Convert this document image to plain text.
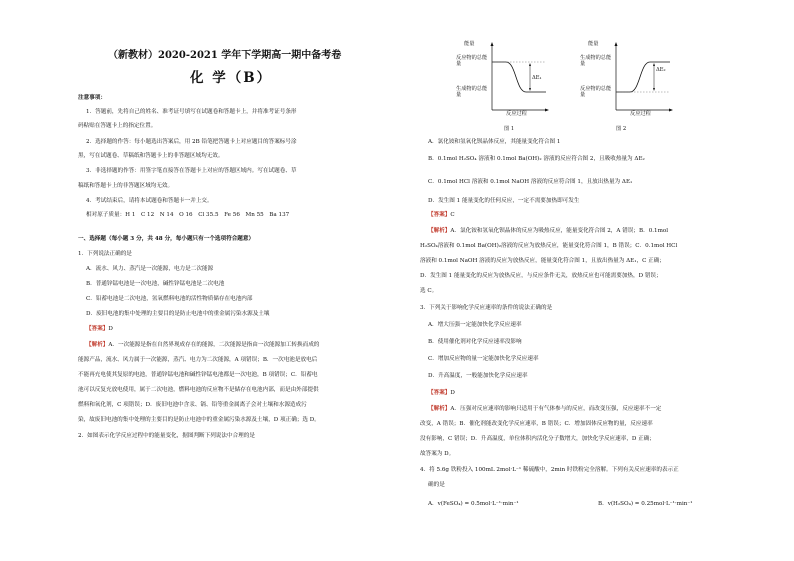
（新教材）2020-2021 学年下学期高一期中备考卷
化 学（B）
注意事项：
1．答题前，先将自己的姓名、准考证号填写在试题卷和答题卡上，并将准考证号条形
码粘贴在答题卡上的指定位置。
2．选择题的作答：每小题选出答案后，用 2B 铅笔把答题卡上对应题目的答案标号涂
黑，写在试题卷、草稿纸和答题卡上的非答题区域均无效。
3．非选择题的作答：用签字笔直接答在答题卡上对应的答题区域内。写在试题卷、草
稿纸和答题卡上的非答题区域均无效。
4．考试结束后，请将本试题卷和答题卡一并上交。
相对原子质量：H 1　C 12　N 14　O 16　Cl 35.5　Fe 56　Mn 55　Ba 137
一、选择题（每小题 3 分，共 48 分，每小题只有一个选项符合题意）
1．下列说法正确的是
A．流水、风力、蒸汽是一次能源，电力是二次能源
B．普通锌锰电池是一次电池，碱性锌锰电池是二次电池
C．铅蓄电池是二次电池，氢氧燃料电池的活性物质储存在电池内部
D．废旧电池的集中处理的主要目的是防止电池中的重金属污染水源及土壤
【答案】D
【解析】A．一次能源是指在自然界现成存在的能源，二次能源是指由一次能源加工转换而成的
能源产品，流水、风力属于一次能源，蒸汽、电力为二次能源，A 项错误；B．一次电池是放电后
不能再充电使其复原的电池，普通锌锰电池和碱性锌锰电池都是一次电池，B 项错误；C．铅蓄电
池可以反复充放电使用，属于二次电池，燃料电池的反应物不是储存在电池内部，而是由外部提供
燃料和氧化剂，C 项错误；D．废旧电池中含汞、镉、铅等重金属离子会对土壤和水源造成污
染，故废旧电池的集中处理的主要目的是防止电池中的重金属污染水源及土壤，D 项正确；选 D。
2．如图表示化学反应过程中的能量变化，据图判断下列说法中合理的是
能量
反应物的总能量
生成物的总能量
ΔE₁
反应过程
图 1
能量
生成物的总能量
反应物的总能量
ΔE₂
反应过程
图 2
A．氯化铵和氢氧化钡晶体反应，其能量变化符合图 1
B．0.1mol H₂SO₄ 溶液和 0.1mol Ba(OH)₂ 溶液的反应符合图 2，且吸收热量为 ΔE₂
C．0.1mol HCl 溶液和 0.1mol NaOH 溶液的反应符合图 1，且放出热量为 ΔE₁
D．发生图 1 能量变化的任何反应，一定不需要加热即可发生
【答案】C
【解析】A．氯化铵和氢氧化钡晶体的反应为吸热反应，能量变化符合图 2，A 错误；B．0.1mol
H₂SO₄溶液和 0.1mol Ba(OH)₂溶液的反应为放热反应，能量变化符合图 1，B 错误；C．0.1mol HCl
溶液和 0.1mol NaOH 溶液的反应为放热反应，能量变化符合图 1，且放出热量为 ΔE₁，C 正确；
D．发生图 1 能量变化的反应为放热反应，与反应条件无关，放热反应也可能需要加热，D 错误；
选 C。
3．下列关于影响化学反应速率的条件的说法正确的是
A．增大压强一定能加快化学反应速率
B．使用催化剂对化学反应速率没影响
C．增加反应物的量一定能加快化学反应速率
D．升高温度，一般能加快化学反应速率
【答案】D
【解析】A．压强对反应速率的影响只适用于有气体参与的反应，而改变压强，反应速率不一定
改变，A 错误；B．催化剂能改变化学反应速率，B 错误；C．增加固体反应物的量，反应速率
没有影响，C 错误；D．升高温度，单位体积内活化分子数增大，加快化学反应速率，D 正确；
故答案为 D。
4．将 5.6g 铁粉投入 100mL 2mol·L⁻¹ 稀硫酸中，2min 时铁粉完全溶解。下列有关反应速率的表示正
确的是
A．v(FeSO₄) = 0.5mol·L⁻¹·min⁻¹	B．v(H₂SO₄) = 0.25mol·L⁻¹·min⁻¹
